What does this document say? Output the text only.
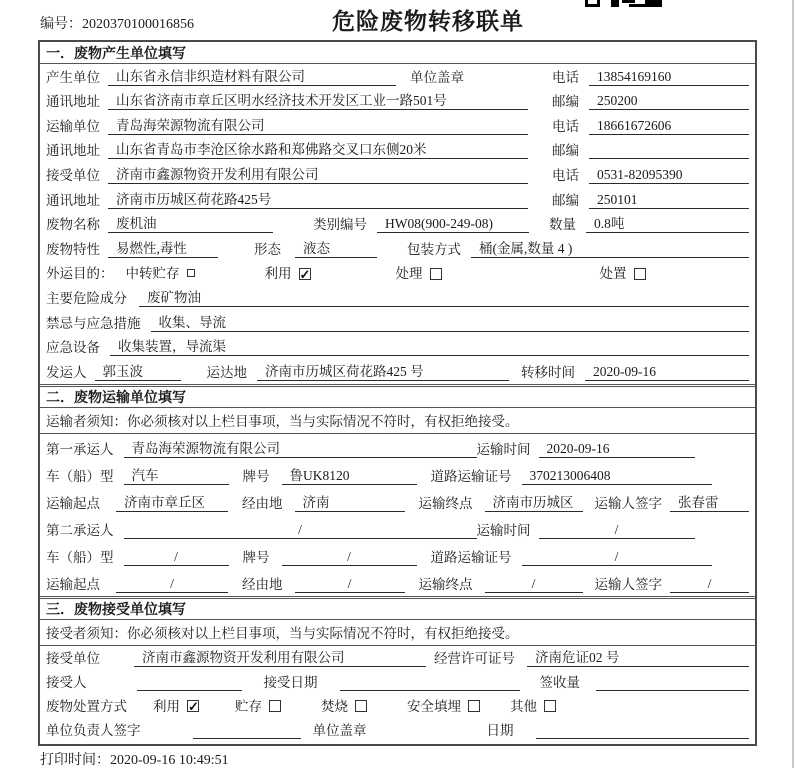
编号：2020370100016856	危险废物转移联单
一．废物产生单位填写
产生单位	山东省永信非织造材料有限公司	单位盖章	电话	13854169160
通讯地址	山东省济南市章丘区明水经济技术开发区工业一路501号	邮编	250200
运输单位	青岛海荣源物流有限公司	电话	18661672606
通讯地址	山东省青岛市李沧区徐水路和郑佛路交叉口东侧20米	邮编
接受单位	济南市鑫源物资开发利用有限公司	电话	0531-82095390
通讯地址	济南市历城区荷花路425号	邮编	250101
废物名称	废机油	类别编号	HW08(900-249-08)	数量	0.8吨
废物特性	易燃性,毒性	形态	液态	包装方式	桶(金属,数量 4 )
外运目的： 中转贮存	利用 ✓	处理	处置
主要危险成分	废矿物油
禁忌与应急措施	收集、导流
应急设备	收集装置，导流渠
发运人	郭玉波	运达地	济南市历城区荷花路425 号	转移时间	2020-09-16
二．废物运输单位填写
运输者须知：你必须核对以上栏目事项，当与实际情况不符时，有权拒绝接受。
第一承运人	青岛海荣源物流有限公司	运输时间	2020-09-16
车（船）型	汽车	牌号	鲁UK8120	道路运输证号	370213006408
运输起点	济南市章丘区	经由地	济南	运输终点	济南市历城区	运输人签字	张春雷
第二承运人	/	运输时间	/
车（船）型	/	牌号	/	道路运输证号	/
运输起点	/	经由地	/	运输终点	/	运输人签字	/
三．废物接受单位填写
接受者须知：你必须核对以上栏目事项，当与实际情况不符时，有权拒绝接受。
接受单位	济南市鑫源物资开发利用有限公司	经营许可证号	济南危证02 号
接受人	接受日期	签收量
废物处置方式 利用 ✓	贮存	焚烧	安全填埋	其他
单位负责人签字	单位盖章	日期
打印时间：2020-09-16 10:49:51
